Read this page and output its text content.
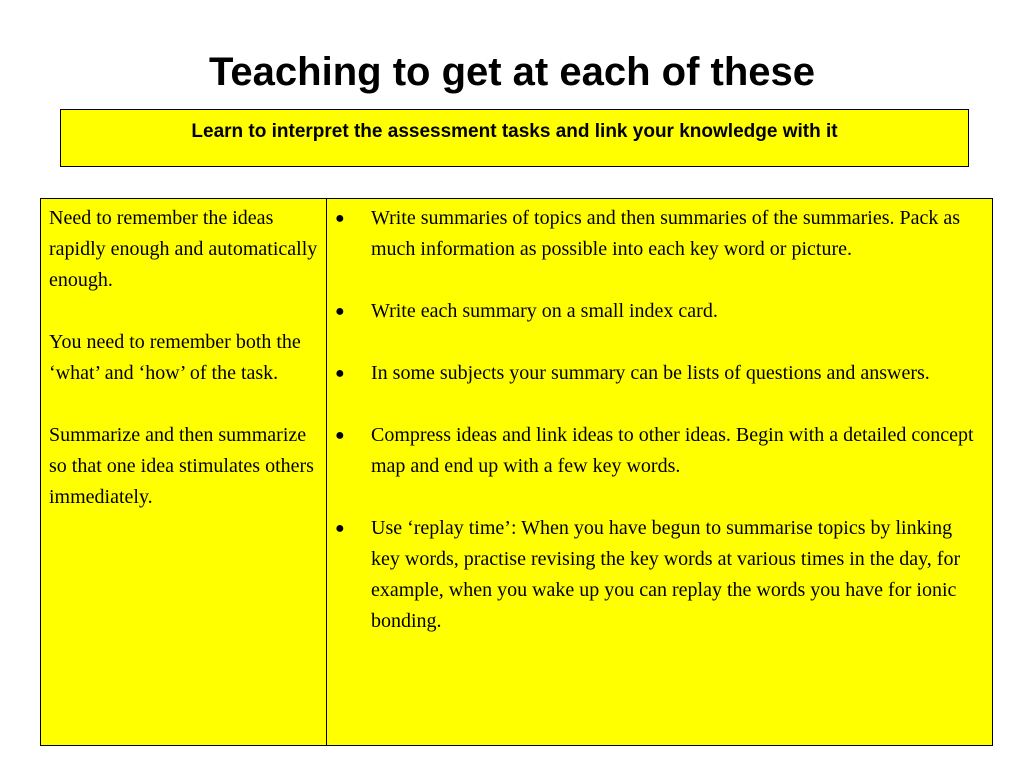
Teaching to get at each of these
Learn to interpret the assessment tasks and link your knowledge with it

Need to remember the ideas rapidly enough and automatically enough.

You need to remember both the ‘what’ and ‘how’ of the task.

Summarize and then summarize so that one idea stimulates others immediately.

● Write summaries of topics and then summaries of the summaries. Pack as much information as possible into each key word or picture.
● Write each summary on a small index card.
● In some subjects your summary can be lists of questions and answers.
● Compress ideas and link ideas to other ideas. Begin with a detailed concept map and end up with a few key words.
● Use ‘replay time’: When you have begun to summarise topics by linking key words, practise revising the key words at various times in the day, for example, when you wake up you can replay the words you have for ionic bonding.
